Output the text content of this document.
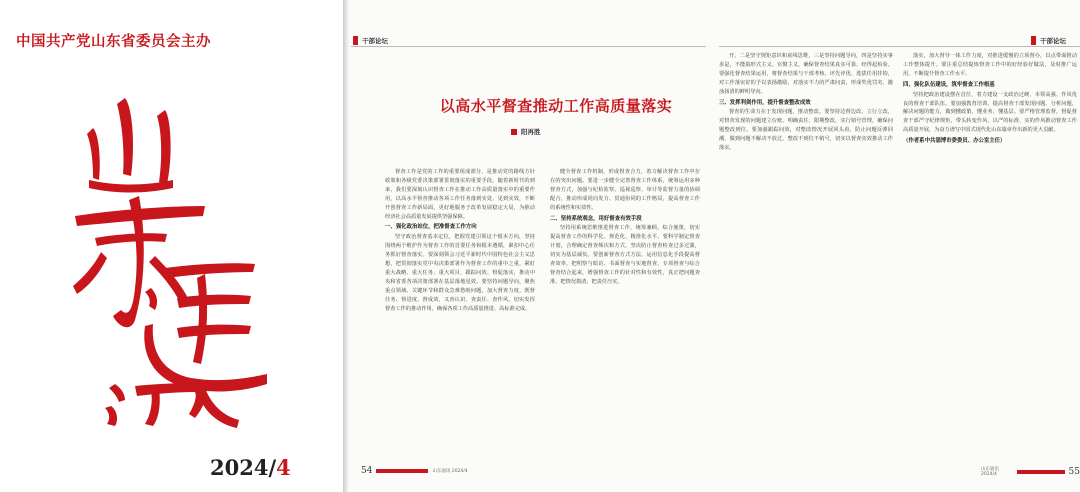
中国共产党山东省委员会主办
2024/4
干部论坛	干部论坛
以高水平督查推动工作高质量落实
阳再胜
督查工作是党的工作的重要组成部分，是推动党的路线方针政策和各级党委决策部署贯彻落实的重要手段。随着新时代的到来，我们要深刻认识督查工作在推动工作高质量落实中的重要作用，以高水平督查推动各项工作任务落到实处、见到实效，不断开创督查工作新局面，更好地服务于改革发展稳定大局，为推动经济社会高质量发展提供坚强保障。
一、强化政治站位，把准督查工作方向
坚守政治督查基本定位，把握党建引领这个根本方向，坚持围绕两个维护作为督查工作的首要任务和根本遵循，紧扣中心任务抓好督查落实。要深刻领会习近平新时代中国特色社会主义思想，把贯彻落实党中央决策部署作为督查工作的重中之重，紧盯重大战略、重大任务、重大项目，跟踪问效、督促落实，推动中央和省委各项决策部署在基层落地见效。要坚持问题导向，聚焦重点领域、关键环节和群众急难愁盼问题，加大督查力度，既督任务、督进度、督成效，又查认识、查责任、查作风，切实发挥督查工作的推动作用，确保各项工作高质量推进、高标准完成。
健全督查工作机制，形成督查合力，着力解决督查工作中存在的突出问题。要进一步健全完善督查工作体系，统筹运用多种督查方式，加强与纪检监察、巡视巡察、审计等监督力量的协调配合，推动形成同向发力、贯通协同的工作格局，提高督查工作的系统性和实效性。
二、坚持系统观念，用好督查有效手段
坚持用系统思维推进督查工作，统筹兼顾、综合施策，切实提高督查工作的科学化、规范化、精准化水平。要科学制定督查计划，合理确定督查频次和方式，坚决防止督查检查过多过滥，切实为基层减负。要创新督查方式方法，运用信息化手段提高督查效率，把明察与暗访、书面督查与实地督查、专项督查与综合督查结合起来，增强督查工作的针对性和有效性，真正把问题查准、把情况摸清、把责任压实。
开，二是坚守规矩意识和底线思维，三是坚持问题导向，四是坚持实事求是，不能搞形式主义、官僚主义，确保督查结果真实可靠、经得起检验。要强化督查结果运用，将督查结果与干部考核、评先评优、选拔任用挂钩，对工作落实好的予以表扬激励，对落实不力的严肃问责，形成奖优罚劣、激浊扬清的鲜明导向。
三、发挥利剑作用，提升督查整改成效
督查的生命力在于发现问题、推动整改。要坚持边督边改、立行立改，对督查发现的问题建立台账、明确责任、限期整改，实行销号管理，确保问题整改到位。要加强跟踪问效，对整改情况开展回头看，防止问题反弹回潮，做到问题不解决不放过、整改不到位不销号，切实以督查实效推动工作落实。
落实，加大督导一体工作力度，对推进缓慢的立项督办，以点带面推动工作整体提升。要注重总结提炼督查工作中的好经验好做法，及时推广运用，不断提升督查工作水平。
四、强化队伍建设，筑牢督查工作根基
坚持把政治建设摆在首位，着力建设一支政治过硬、本领高强、作风优良的督查干部队伍。要加强教育培训，提高督查干部发现问题、分析问题、解决问题的能力，做到懂政策、懂业务、懂基层。要严格管理监督，督促督查干部严守纪律规矩，带头转变作风，以严的标准、实的作风推动督查工作高质量开展，为奋力谱写中国式现代化山东篇章作出新的更大贡献。
（作者系中共淄博市委委员、办公室主任）
54	山东通讯 2024/4	山东通讯 2024/4	55
